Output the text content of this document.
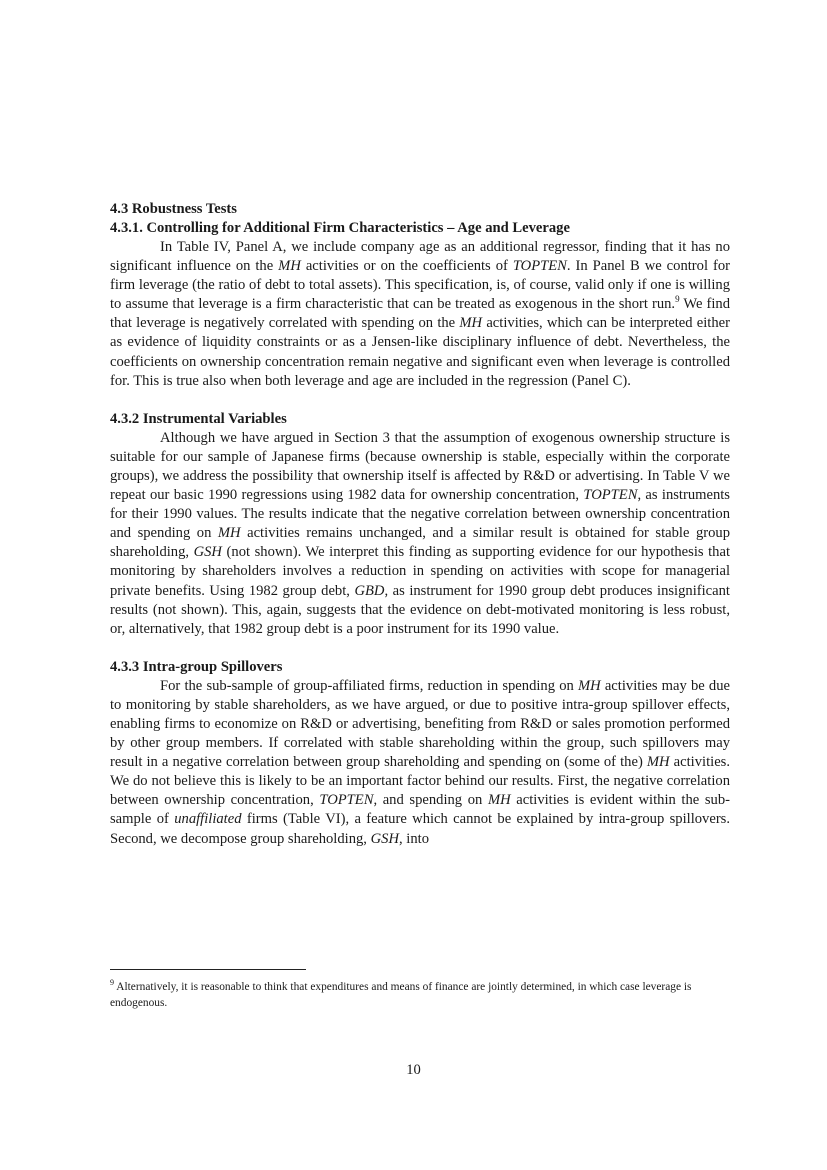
4.3 Robustness Tests
4.3.1. Controlling for Additional Firm Characteristics – Age and Leverage

In Table IV, Panel A, we include company age as an additional regressor, finding that it has no significant influence on the MH activities or on the coefficients of TOPTEN. In Panel B we control for firm leverage (the ratio of debt to total assets). This specification, is, of course, valid only if one is willing to assume that leverage is a firm characteristic that can be treated as exogenous in the short run.$^9$ We find that leverage is negatively correlated with spending on the MH activities, which can be interpreted either as evidence of liquidity constraints or as a Jensen-like disciplinary influence of debt. Nevertheless, the coefficients on ownership concentration remain negative and significant even when leverage is controlled for. This is true also when both leverage and age are included in the regression (Panel C).

4.3.2 Instrumental Variables

Although we have argued in Section 3 that the assumption of exogenous ownership structure is suitable for our sample of Japanese firms (because ownership is stable, especially within the corporate groups), we address the possibility that ownership itself is affected by R&D or advertising. In Table V we repeat our basic 1990 regressions using 1982 data for ownership concentration, TOPTEN, as instruments for their 1990 values. The results indicate that the negative correlation between ownership concentration and spending on MH activities remains unchanged, and a similar result is obtained for stable group shareholding, GSH (not shown). We interpret this finding as supporting evidence for our hypothesis that monitoring by shareholders involves a reduction in spending on activities with scope for managerial private benefits. Using 1982 group debt, GBD, as instrument for 1990 group debt produces insignificant results (not shown). This, again, suggests that the evidence on debt-motivated monitoring is less robust, or, alternatively, that 1982 group debt is a poor instrument for its 1990 value.

4.3.3 Intra-group Spillovers

For the sub-sample of group-affiliated firms, reduction in spending on MH activities may be due to monitoring by stable shareholders, as we have argued, or due to positive intra-group spillover effects, enabling firms to economize on R&D or advertising, benefiting from R&D or sales promotion performed by other group members. If correlated with stable shareholding within the group, such spillovers may result in a negative correlation between group shareholding and spending on (some of the) MH activities. We do not believe this is likely to be an important factor behind our results. First, the negative correlation between ownership concentration, TOPTEN, and spending on MH activities is evident within the sub-sample of unaffiliated firms (Table VI), a feature which cannot be explained by intra-group spillovers. Second, we decompose group shareholding, GSH, into

$^9$ Alternatively, it is reasonable to think that expenditures and means of finance are jointly determined, in which case leverage is endogenous.
10
